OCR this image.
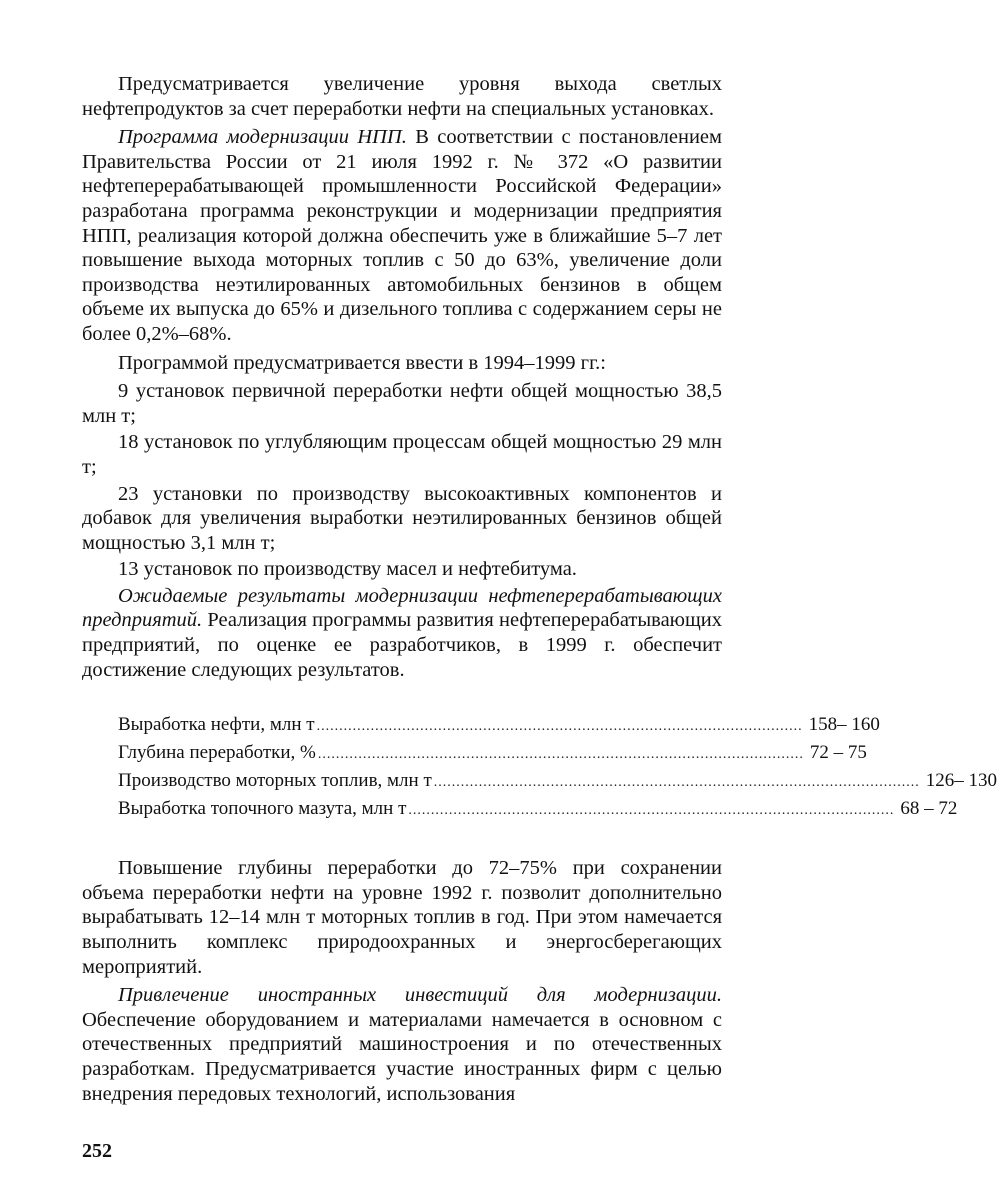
Предусматривается увеличение уровня выхода светлых нефтепродуктов за счет переработки нефти на специальных установках.

Программа модернизации НПП. В соответствии с постановлением Правительства России от 21 июля 1992 г. № 372 «О развитии нефтеперерабатывающей промышленности Российской Федерации» разработана программа реконструкции и модернизации предприятия НПП, реализация которой должна обеспечить уже в ближайшие 5–7 лет повышение выхода моторных топлив с 50 до 63%, увеличение доли производства неэтилированных автомобильных бензинов в общем объеме их выпуска до 65% и дизельного топлива с содержанием серы не более 0,2%–68%.

Программой предусматривается ввести в 1994–1999 гг.:

9 установок первичной переработки нефти общей мощностью 38,5 млн т;

18 установок по углубляющим процессам общей мощностью 29 млн т;

23 установки по производству высокоактивных компонентов и добавок для увеличения выработки неэтилированных бензинов общей мощностью 3,1 млн т;

13 установок по производству масел и нефтебитума.

Ожидаемые результаты модернизации нефтеперерабатывающих предприятий. Реализация программы развития нефтеперерабатывающих предприятий, по оценке ее разработчиков, в 1999 г. обеспечит достижение следующих результатов.

Выработка нефти, млн т ............................................................................................................ 158– 160
Глубина переработки, % ............................................................................................................ 72 – 75
Производство моторных топлив, млн т ............................................................................................................ 126– 130
Выработка топочного мазута, млн т ............................................................................................................ 68 – 72

Повышение глубины переработки до 72–75% при сохранении объема переработки нефти на уровне 1992 г. позволит дополнительно вырабатывать 12–14 млн т моторных топлив в год. При этом намечается выполнить комплекс природоохранных и энергосберегающих мероприятий.

Привлечение иностранных инвестиций для модернизации. Обеспечение оборудованием и материалами намечается в основном с отечественных предприятий машиностроения и по отечественных разработкам. Предусматривается участие иностранных фирм с целью внедрения передовых технологий, использования

252
